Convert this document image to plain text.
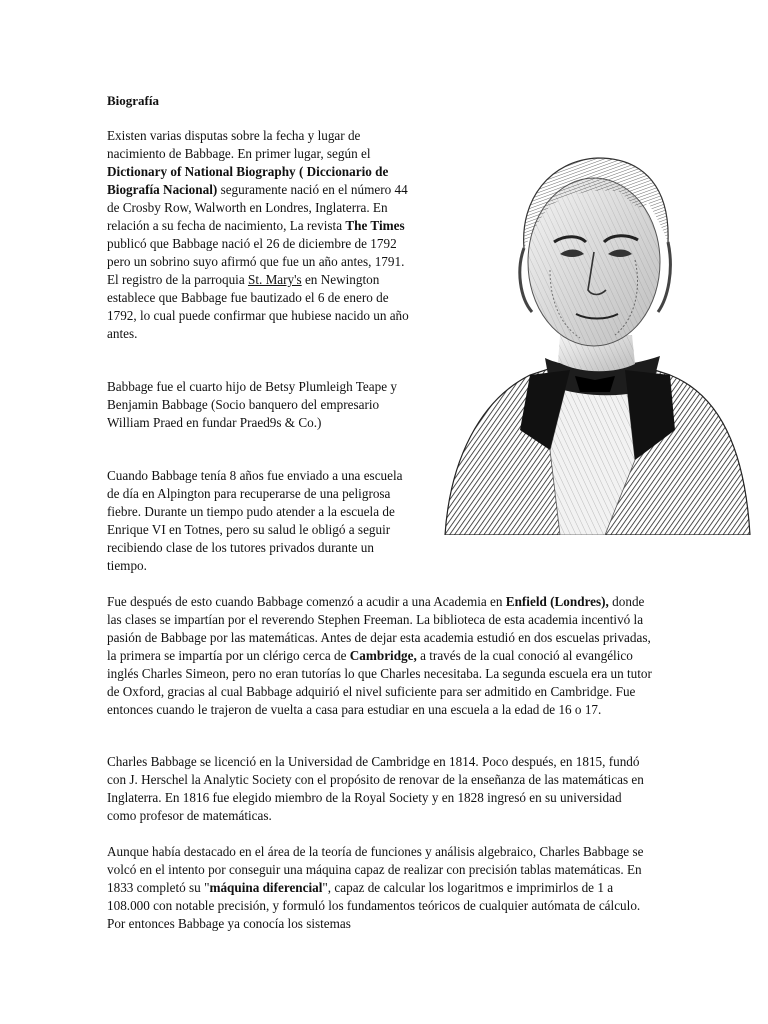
Biografía

Existen varias disputas sobre la fecha y lugar de nacimiento de Babbage. En primer lugar, según el Dictionary of National Biography ( Diccionario de Biografía Nacional) seguramente nació en el número 44 de Crosby Row, Walworth en Londres, Inglaterra. En relación a su fecha de nacimiento, La revista The Times publicó que Babbage nació el 26 de diciembre de 1792 pero un sobrino suyo afirmó que fue un año antes, 1791. El registro de la parroquia St. Mary's en Newington establece que Babbage fue bautizado el 6 de enero de 1792, lo cual puede confirmar que hubiese nacido un año antes.

Babbage fue el cuarto hijo de Betsy Plumleigh Teape y Benjamin Babbage (Socio banquero del empresario William Praed en fundar Praed9s & Co.)

Cuando Babbage tenía 8 años fue enviado a una escuela de día en Alpington para recuperarse de una peligrosa fiebre. Durante un tiempo pudo atender a la escuela de Enrique VI en Totnes, pero su salud le obligó a seguir recibiendo clase de los tutores privados durante un tiempo.

Fue después de esto cuando Babbage comenzó a acudir a una Academia en Enfield (Londres), donde las clases se impartían por el reverendo Stephen Freeman. La biblioteca de esta academia incentivó la pasión de Babbage por las matemáticas. Antes de dejar esta academia estudió en dos escuelas privadas, la primera se impartía por un clérigo cerca de Cambridge, a través de la cual conoció al evangélico inglés Charles Simeon, pero no eran tutorías lo que Charles necesitaba. La segunda escuela era un tutor de Oxford, gracias al cual Babbage adquirió el nivel suficiente para ser admitido en Cambridge. Fue entonces cuando le trajeron de vuelta a casa para estudiar en una escuela a la edad de 16 o 17.

Charles Babbage se licenció en la Universidad de Cambridge en 1814. Poco después, en 1815, fundó con J. Herschel la Analytic Society con el propósito de renovar de la enseñanza de las matemáticas en Inglaterra. En 1816 fue elegido miembro de la Royal Society y en 1828 ingresó en su universidad como profesor de matemáticas.

Aunque había destacado en el área de la teoría de funciones y análisis algebraico, Charles Babbage se volcó en el intento por conseguir una máquina capaz de realizar con precisión tablas matemáticas. En 1833 completó su "máquina diferencial", capaz de calcular los logaritmos e imprimirlos de 1 a 108.000 con notable precisión, y formuló los fundamentos teóricos de cualquier autómata de cálculo. Por entonces Babbage ya conocía los sistemas
